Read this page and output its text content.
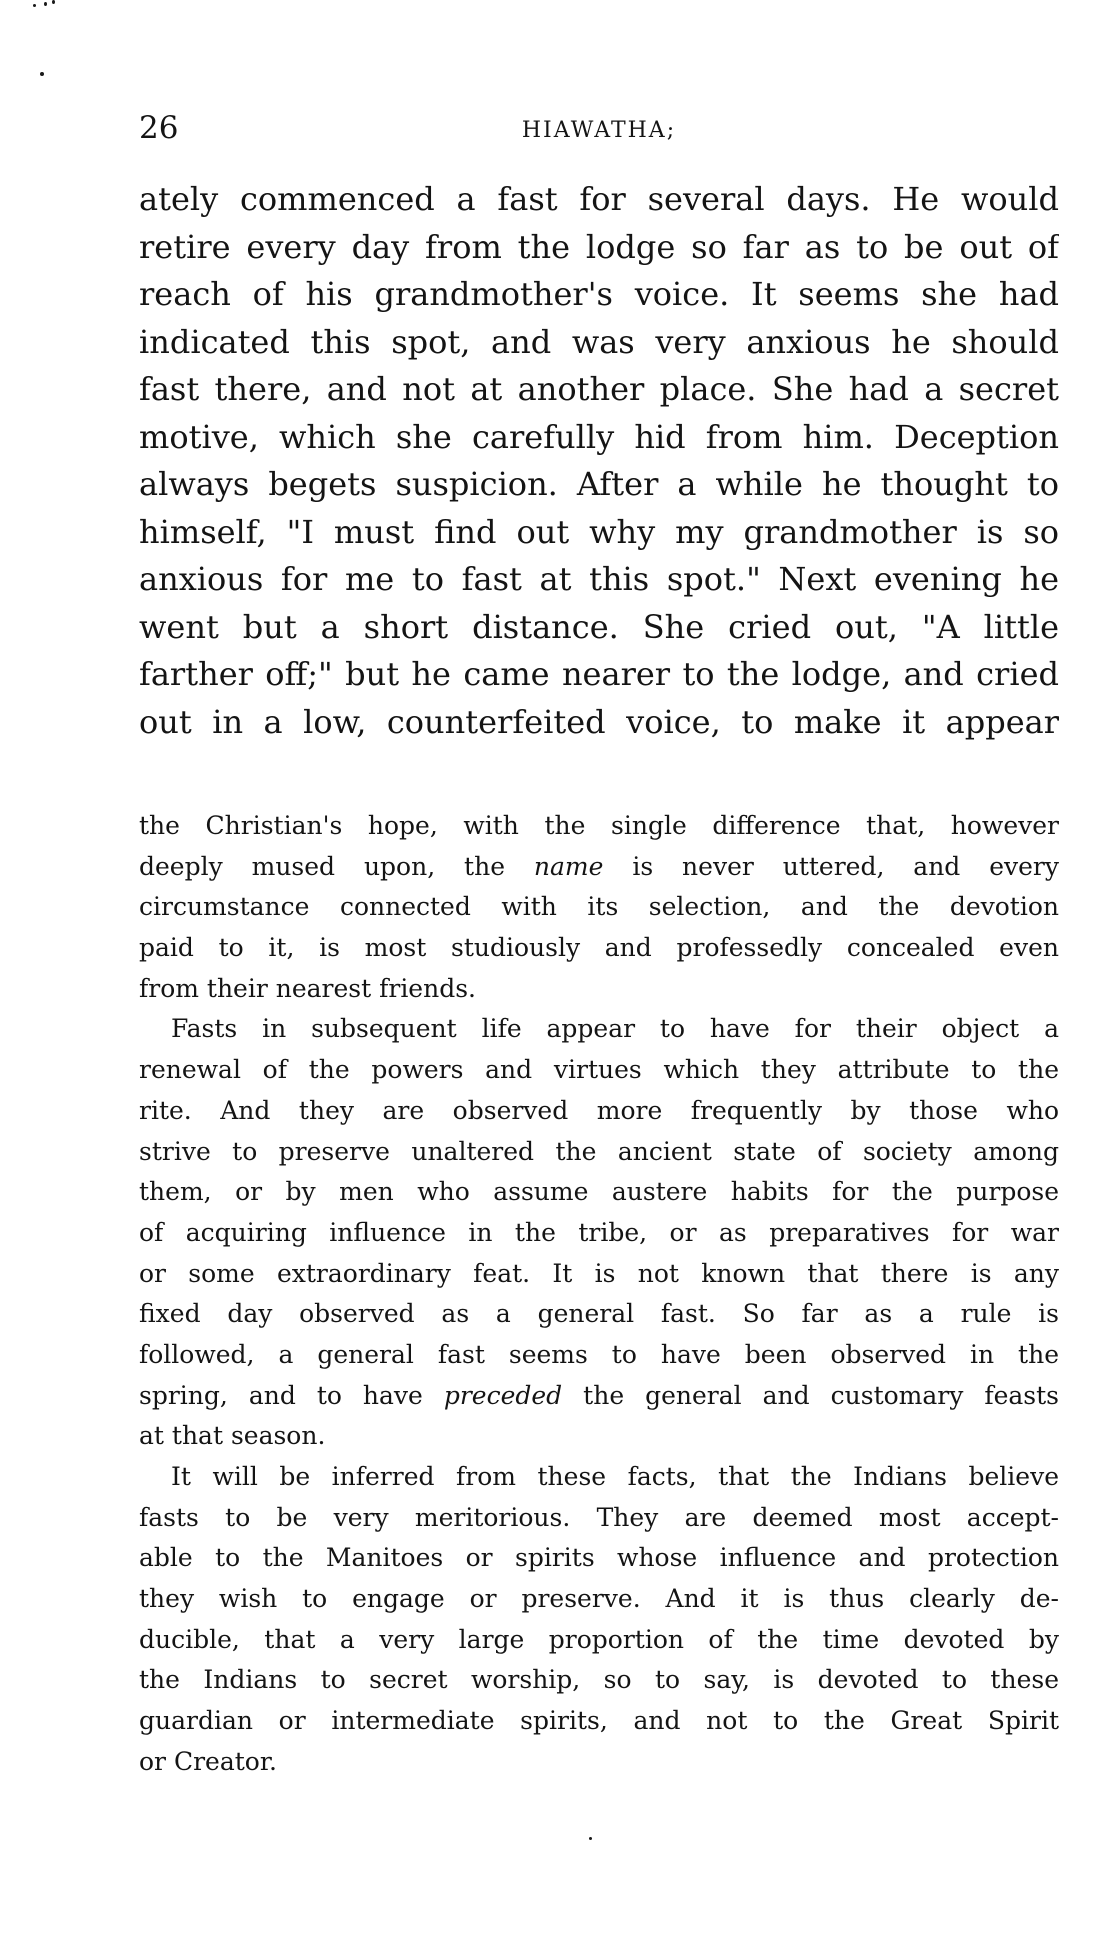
26	HIAWATHA;
ately commenced a fast for several days. He would
retire every day from the lodge so far as to be out of
reach of his grandmother's voice. It seems she had
indicated this spot, and was very anxious he should
fast there, and not at another place. She had a secret
motive, which she carefully hid from him. Deception
always begets suspicion. After a while he thought to
himself, "I must find out why my grandmother is so
anxious for me to fast at this spot." Next evening he
went but a short distance. She cried out, "A little
farther off;" but he came nearer to the lodge, and cried
out in a low, counterfeited voice, to make it appear
the Christian's hope, with the single difference that, however
deeply mused upon, the name is never uttered, and every
circumstance connected with its selection, and the devotion
paid to it, is most studiously and professedly concealed even
from their nearest friends.
Fasts in subsequent life appear to have for their object a
renewal of the powers and virtues which they attribute to the
rite. And they are observed more frequently by those who
strive to preserve unaltered the ancient state of society among
them, or by men who assume austere habits for the purpose
of acquiring influence in the tribe, or as preparatives for war
or some extraordinary feat. It is not known that there is any
fixed day observed as a general fast. So far as a rule is
followed, a general fast seems to have been observed in the
spring, and to have preceded the general and customary feasts
at that season.
It will be inferred from these facts, that the Indians believe
fasts to be very meritorious. They are deemed most accept-
able to the Manitoes or spirits whose influence and protection
they wish to engage or preserve. And it is thus clearly de-
ducible, that a very large proportion of the time devoted by
the Indians to secret worship, so to say, is devoted to these
guardian or intermediate spirits, and not to the Great Spirit
or Creator.
